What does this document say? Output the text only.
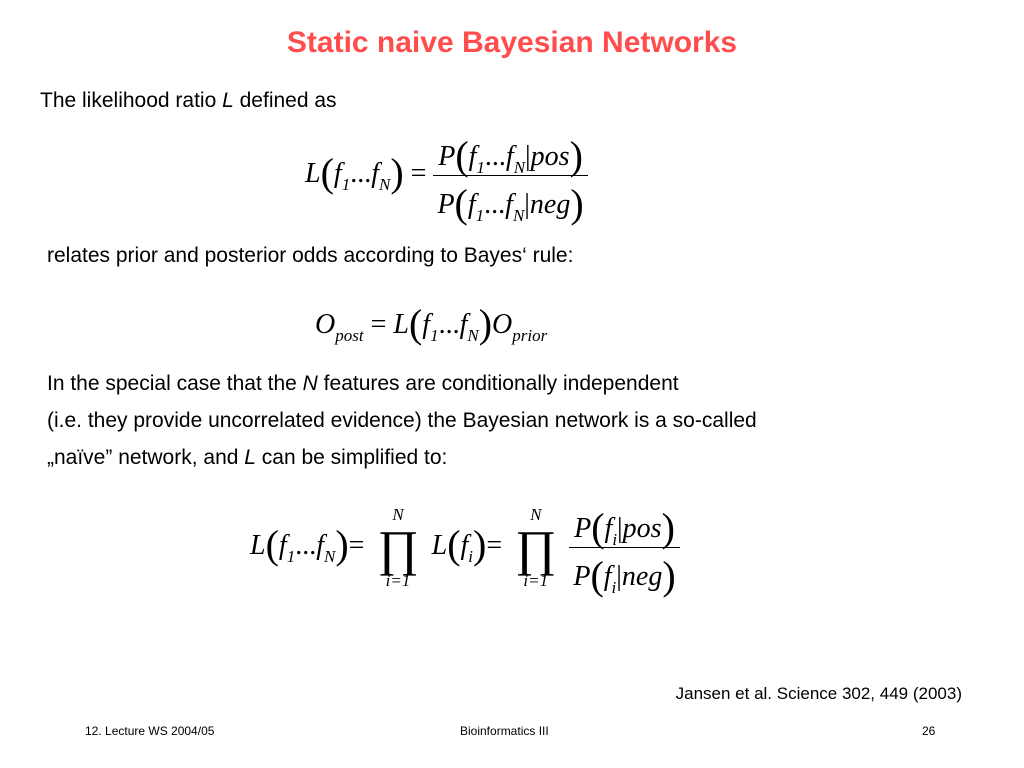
Static naive Bayesian Networks
The likelihood ratio L defined as
$L(f_1...f_N) = \frac{P(f_1...f_N|pos)}{P(f_1...f_N|neg)}$
relates prior and posterior odds according to Bayes‘ rule:
$O_{post} = L(f_1...f_N)O_{prior}$
In the special case that the N features are conditionally independent
(i.e. they provide uncorrelated evidence) the Bayesian network is a so-called
„naïve” network, and L can be simplified to:
$L(f_1...f_N)=$
N
∏
i=1
$L(f_i)=$
N
∏
i=1
$\frac{P(f_i|pos)}{P(f_i|neg)}$
Jansen et al. Science 302, 449 (2003)
12. Lecture WS 2004/05	Bioinformatics III	26
